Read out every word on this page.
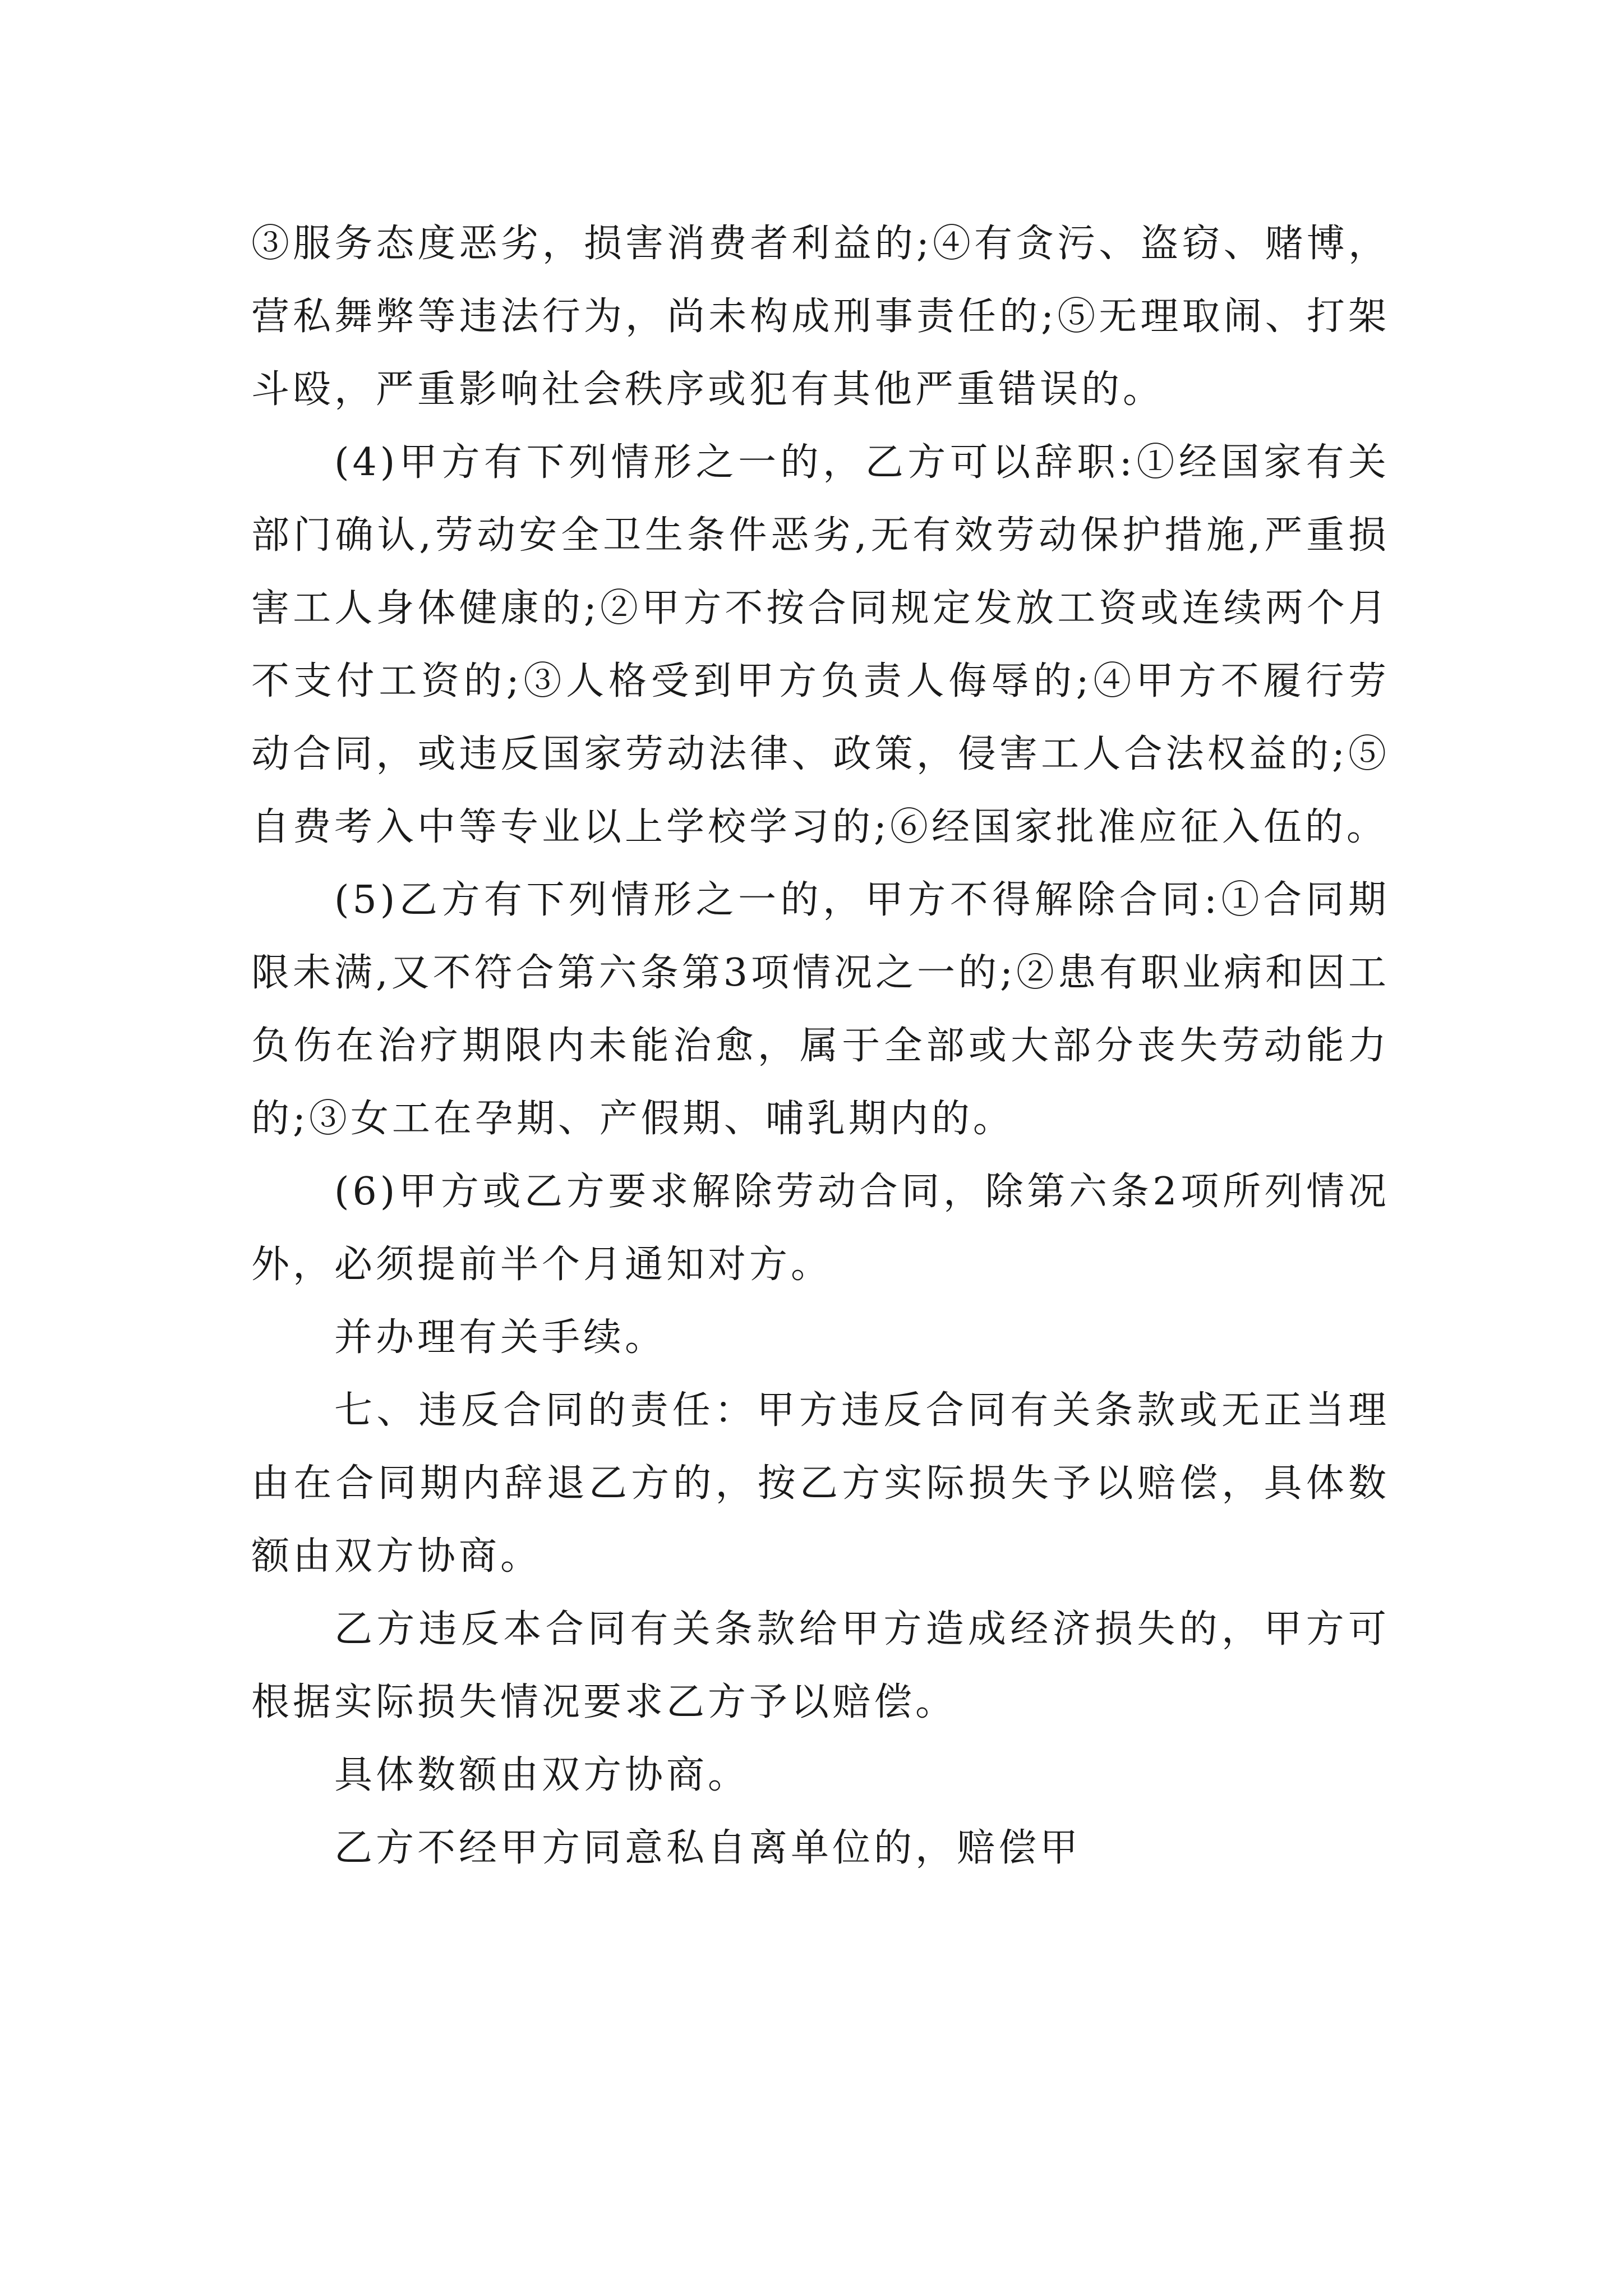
③服务态度恶劣，损害消费者利益的;④有贪污、盗窃、赌博，营私舞弊等违法行为，尚未构成刑事责任的;⑤无理取闹、打架斗殴，严重影响社会秩序或犯有其他严重错误的。

(4)甲方有下列情形之一的，乙方可以辞职:①经国家有关部门确认,劳动安全卫生条件恶劣,无有效劳动保护措施,严重损害工人身体健康的;②甲方不按合同规定发放工资或连续两个月不支付工资的;③人格受到甲方负责人侮辱的;④甲方不履行劳动合同，或违反国家劳动法律、政策，侵害工人合法权益的;⑤自费考入中等专业以上学校学习的;⑥经国家批准应征入伍的。

(5)乙方有下列情形之一的，甲方不得解除合同:①合同期限未满,又不符合第六条第3项情况之一的;②患有职业病和因工负伤在治疗期限内未能治愈，属于全部或大部分丧失劳动能力的;③女工在孕期、产假期、哺乳期内的。

(6)甲方或乙方要求解除劳动合同，除第六条2项所列情况外，必须提前半个月通知对方。

并办理有关手续。

七、违反合同的责任：甲方违反合同有关条款或无正当理由在合同期内辞退乙方的，按乙方实际损失予以赔偿，具体数额由双方协商。

乙方违反本合同有关条款给甲方造成经济损失的，甲方可根据实际损失情况要求乙方予以赔偿。

具体数额由双方协商。

乙方不经甲方同意私自离单位的，赔偿甲
